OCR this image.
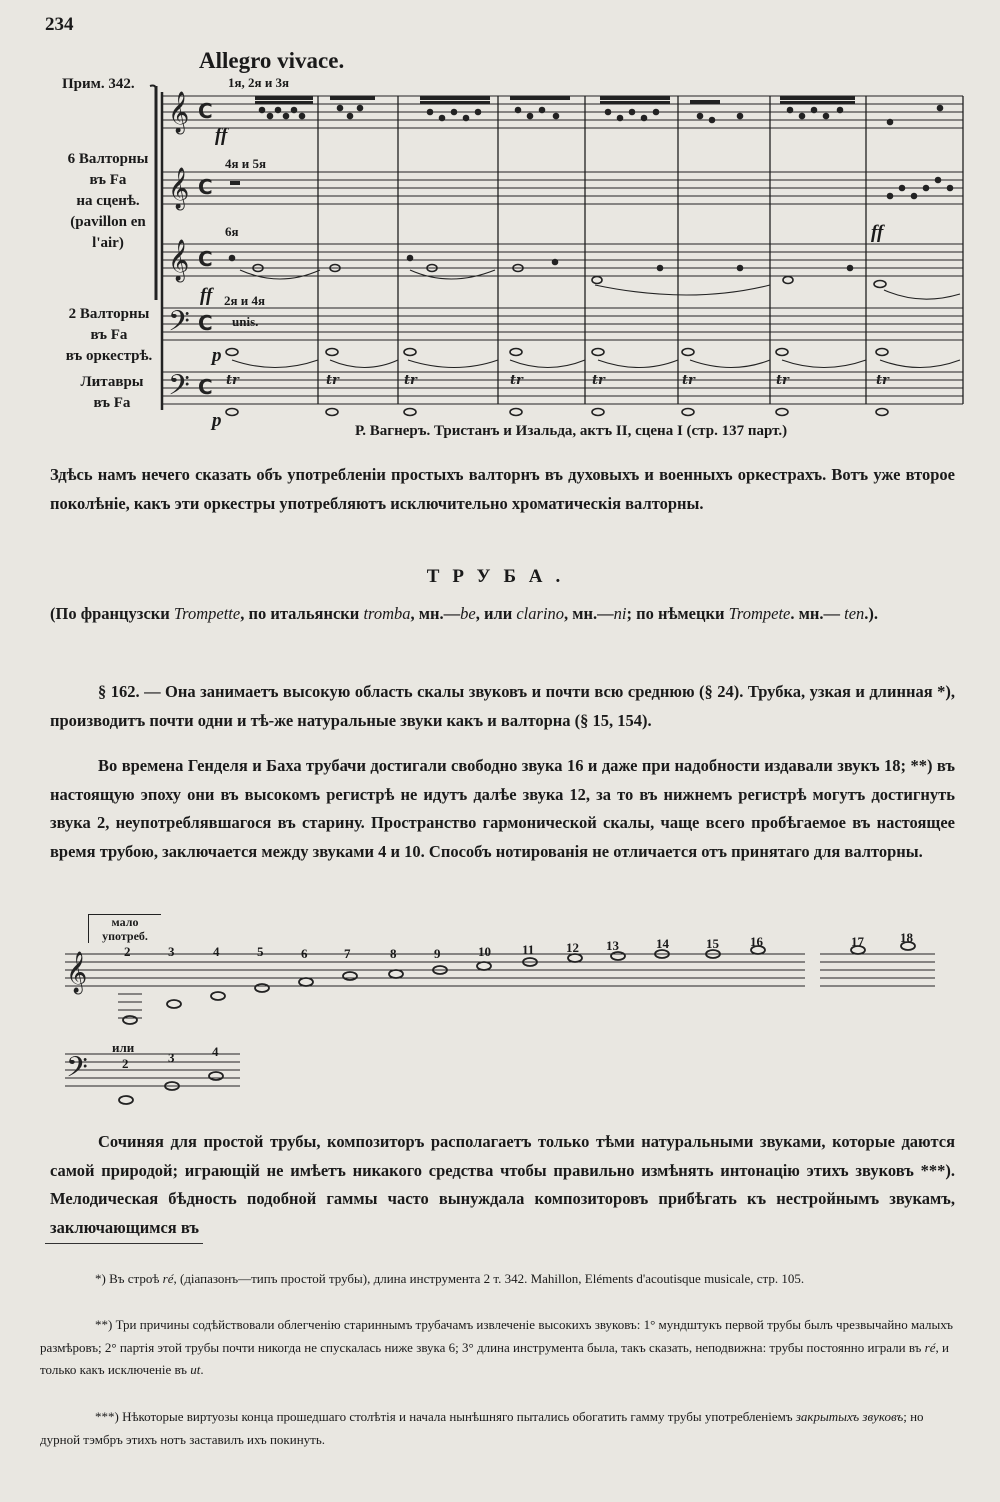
234
Allegro vivace.
Прим. 342.
6 Валторны
въ Fa
на сценѣ.
(pavillon en
l'air)
2 Валторны
въ Fa
въ оркестрѣ.
Литавры
въ Fa
1я, 2я и 3я
4я и 5я
6я
2я и 4я
unis.
ff
ff
ff
p
p
𝄞
𝄞
𝄞
𝄢
𝄢
C
C
C
C
C tr	tr	tr	tr	tr	tr	tr	tr
Р. Вагнеръ. Тристанъ и Изальда, актъ II, сцена I (стр. 137 парт.)
Здѣсь намъ нечего сказать объ употребленіи простыхъ валторнъ въ духовыхъ и военныхъ оркестрахъ. Вотъ уже второе поколѣніе, какъ эти оркестры употребляютъ исключительно хроматическія валторны.
ТРУБА.
(По французски Trompette, по итальянски tromba, мн.—be, или clarino, мн.—ni; по нѣмецки Trompete. мн.— ten.).
§ 162. — Она занимаетъ высокую область скалы звуковъ и почти всю среднюю (§ 24). Трубка, узкая и длинная *), производитъ почти одни и тѣ-же натуральные звуки какъ и валторна (§ 15, 154).
Во времена Генделя и Баха трубачи достигали свободно звука 16 и даже при надобности издавали звукъ 18; **) въ настоящую эпоху они въ высокомъ регистрѣ не идутъ далѣе звука 12, за то въ нижнемъ регистрѣ могутъ достигнуть звука 2, неупотреблявшагося въ старину. Пространство гармонической скалы, чаще всего пробѣгаемое въ настоящее время трубою, заключается между звуками 4 и 10. Способъ нотированія не отличается отъ принятаго для валторны.
мало употреб.
𝄞
𝄢
2	3	4	5	6	7	8	9	10 11 12 13	14	15 16	17	18
или
2	3	4
Сочиняя для простой трубы, композиторъ располагаетъ только тѣми натуральными звуками, которые даются самой природой; играющій не имѣетъ никакого средства чтобы правильно измѣнять интонацію этихъ звуковъ ***). Мелодическая бѣдность подобной гаммы часто вынуждала композиторовъ прибѣгать къ нестройнымъ звукамъ, заключающимся въ
*) Въ строѣ ré, (діапазонъ—типъ простой трубы), длина инструмента 2 т. 342. Mahillon, Eléments d'acoutisque musicale, стр. 105.
**) Три причины содѣйствовали облегченію стариннымъ трубачамъ извлеченіе высокихъ звуковъ: 1° мундштукъ первой трубы былъ чрезвычайно малыхъ размѣровъ; 2° партія этой трубы почти никогда не спускалась ниже звука 6; 3° длина инструмента была, такъ сказать, неподвижна: трубы постоянно играли въ ré, и только какъ исключеніе въ ut.
***) Нѣкоторые виртуозы конца прошедшаго столѣтія и начала нынѣшняго пытались обогатить гамму трубы употребленіемъ закрытыхъ звуковъ; но дурной тэмбръ этихъ нотъ заставилъ ихъ покинуть.
